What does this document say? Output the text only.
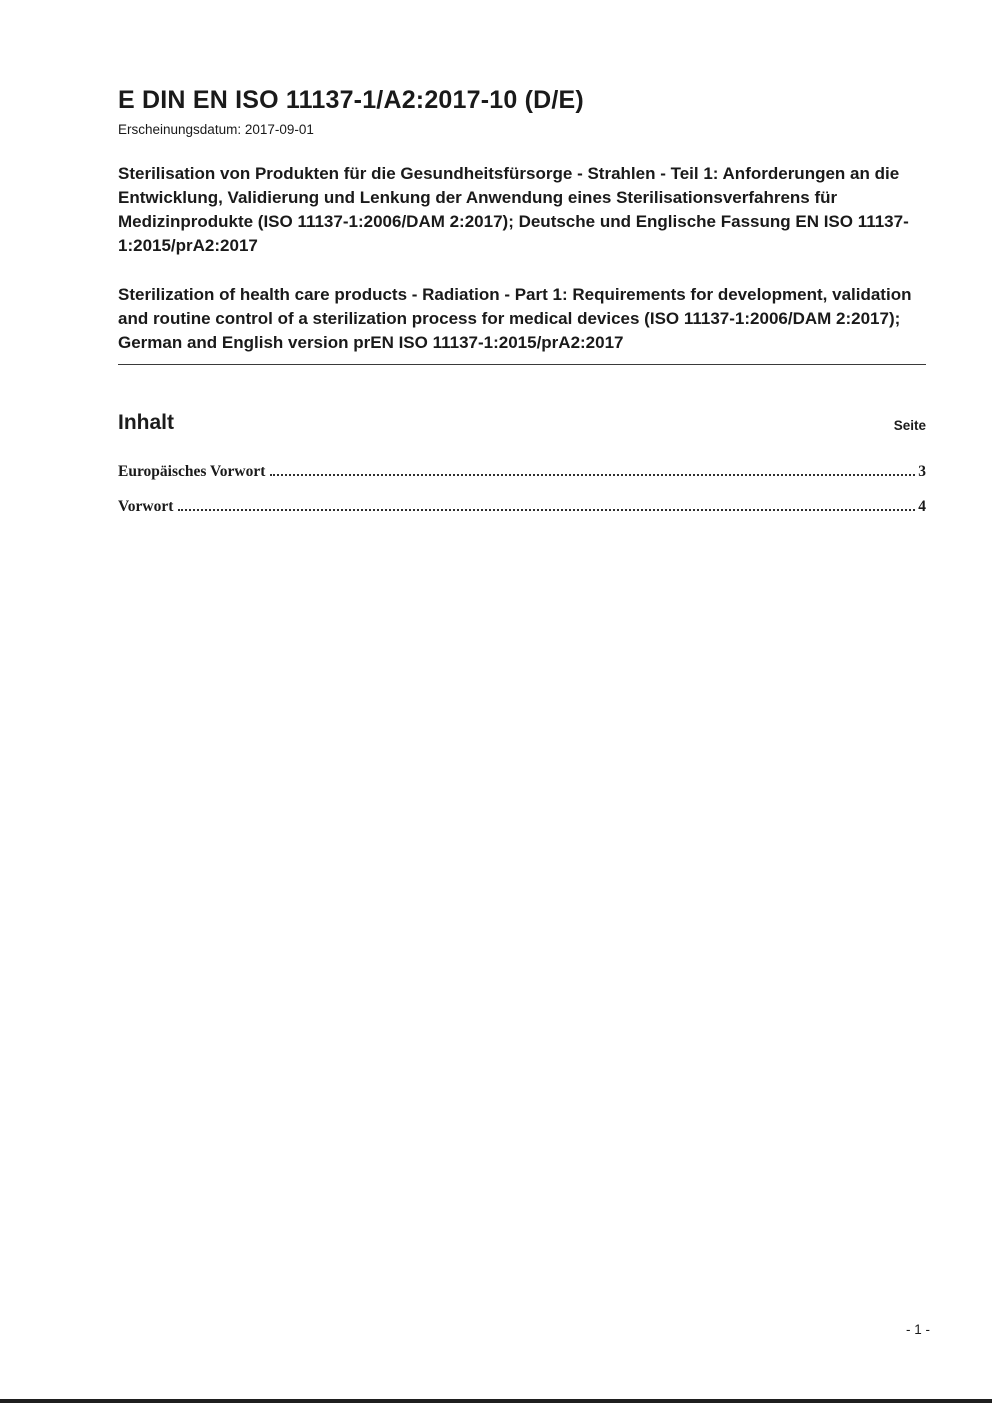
E DIN EN ISO 11137-1/A2:2017-10 (D/E)
Erscheinungsdatum: 2017-09-01

Sterilisation von Produkten für die Gesundheitsfürsorge - Strahlen - Teil 1: Anforderungen an die Entwicklung, Validierung und Lenkung der Anwendung eines Sterilisationsverfahrens für Medizinprodukte (ISO 11137-1:2006/DAM 2:2017); Deutsche und Englische Fassung EN ISO 11137-1:2015/prA2:2017

Sterilization of health care products - Radiation - Part 1: Requirements for development, validation and routine control of a sterilization process for medical devices (ISO 11137-1:2006/DAM 2:2017); German and English version prEN ISO 11137-1:2015/prA2:2017

Inhalt	Seite
Europäisches Vorwort	3
Vorwort	4
- 1 -
